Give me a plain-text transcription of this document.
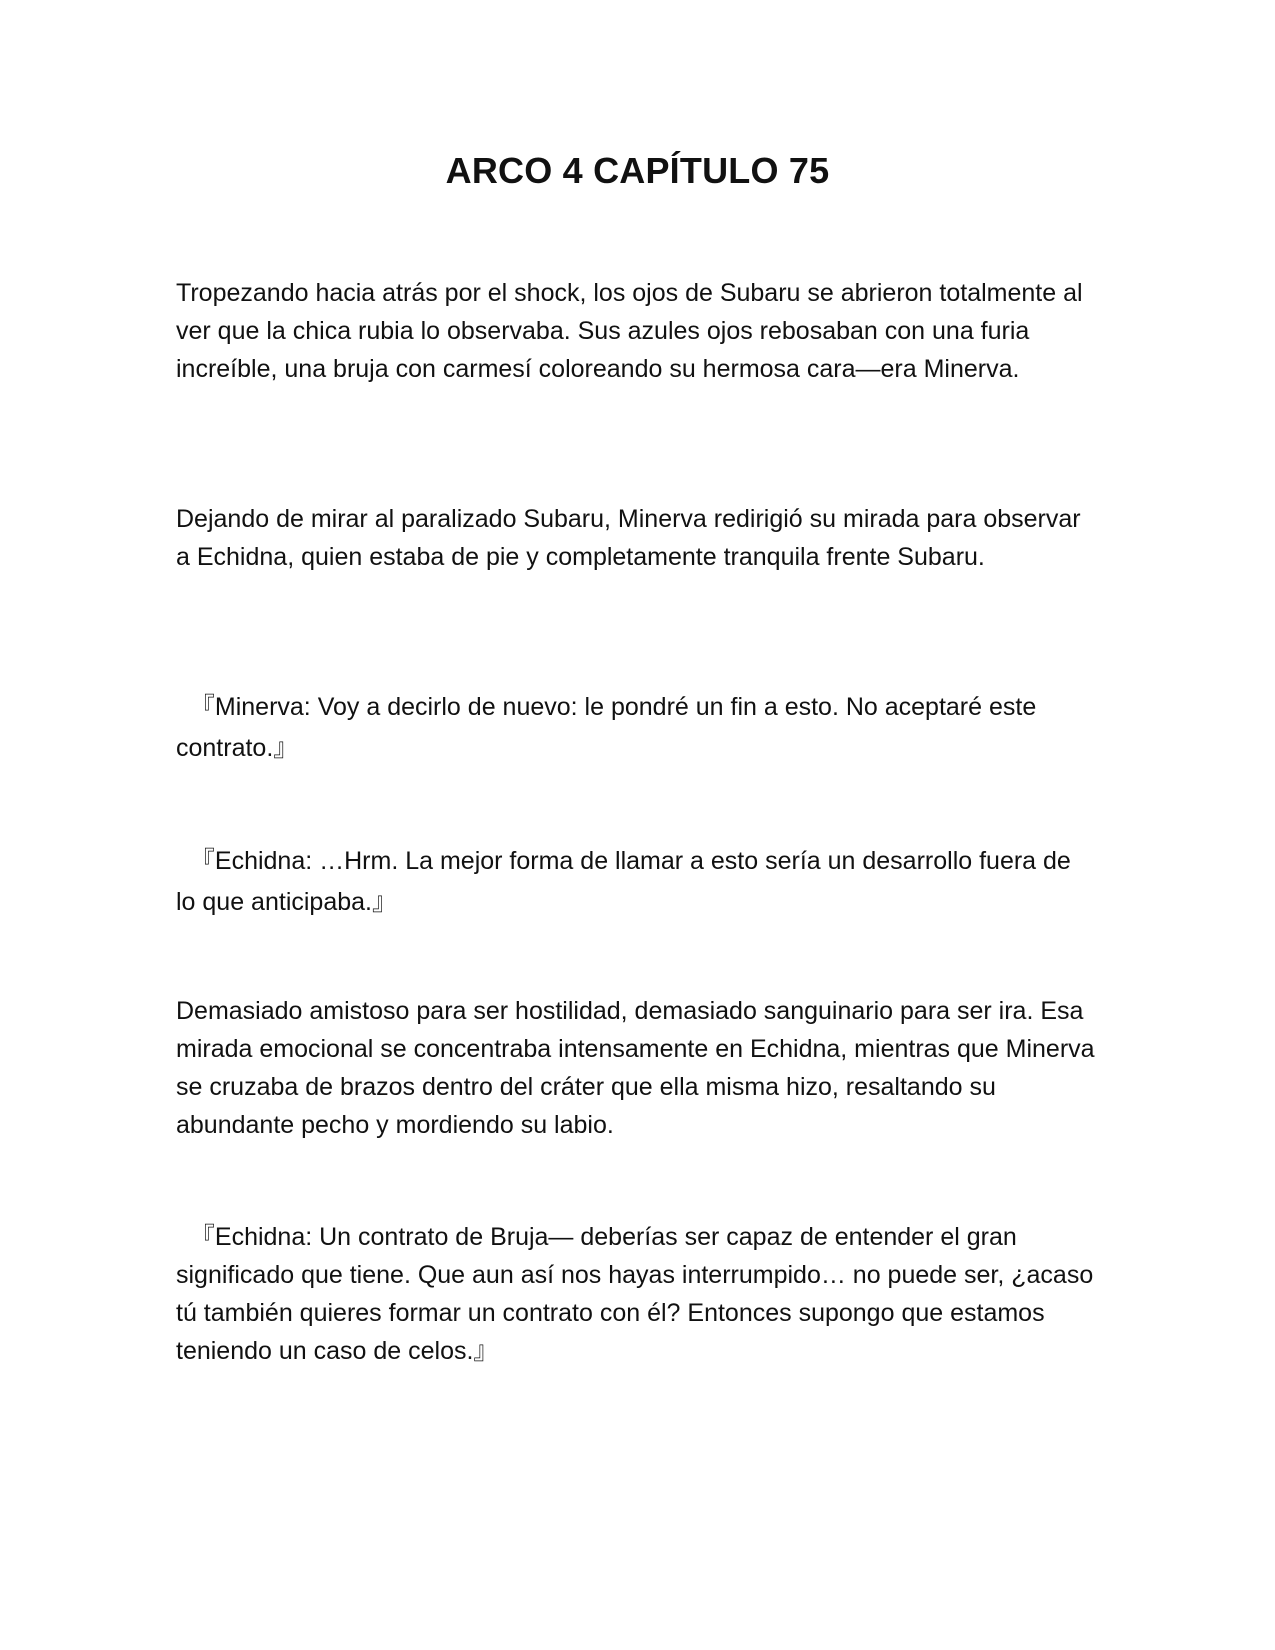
ARCO 4 CAPÍTULO 75

Tropezando hacia atrás por el shock, los ojos de Subaru se abrieron totalmente al ver que la chica rubia lo observaba. Sus azules ojos rebosaban con una furia increíble, una bruja con carmesí coloreando su hermosa cara—era Minerva.

Dejando de mirar al paralizado Subaru, Minerva redirigió su mirada para observar a Echidna, quien estaba de pie y completamente tranquila frente Subaru.

『Minerva: Voy a decirlo de nuevo: le pondré un fin a esto. No aceptaré este contrato.』

『Echidna: …Hrm. La mejor forma de llamar a esto sería un desarrollo fuera de lo que anticipaba.』

Demasiado amistoso para ser hostilidad, demasiado sanguinario para ser ira. Esa mirada emocional se concentraba intensamente en Echidna, mientras que Minerva se cruzaba de brazos dentro del cráter que ella misma hizo, resaltando su abundante pecho y mordiendo su labio.

『Echidna: Un contrato de Bruja— deberías ser capaz de entender el gran significado que tiene. Que aun así nos hayas interrumpido… no puede ser, ¿acaso tú también quieres formar un contrato con él? Entonces supongo que estamos teniendo un caso de celos.』
